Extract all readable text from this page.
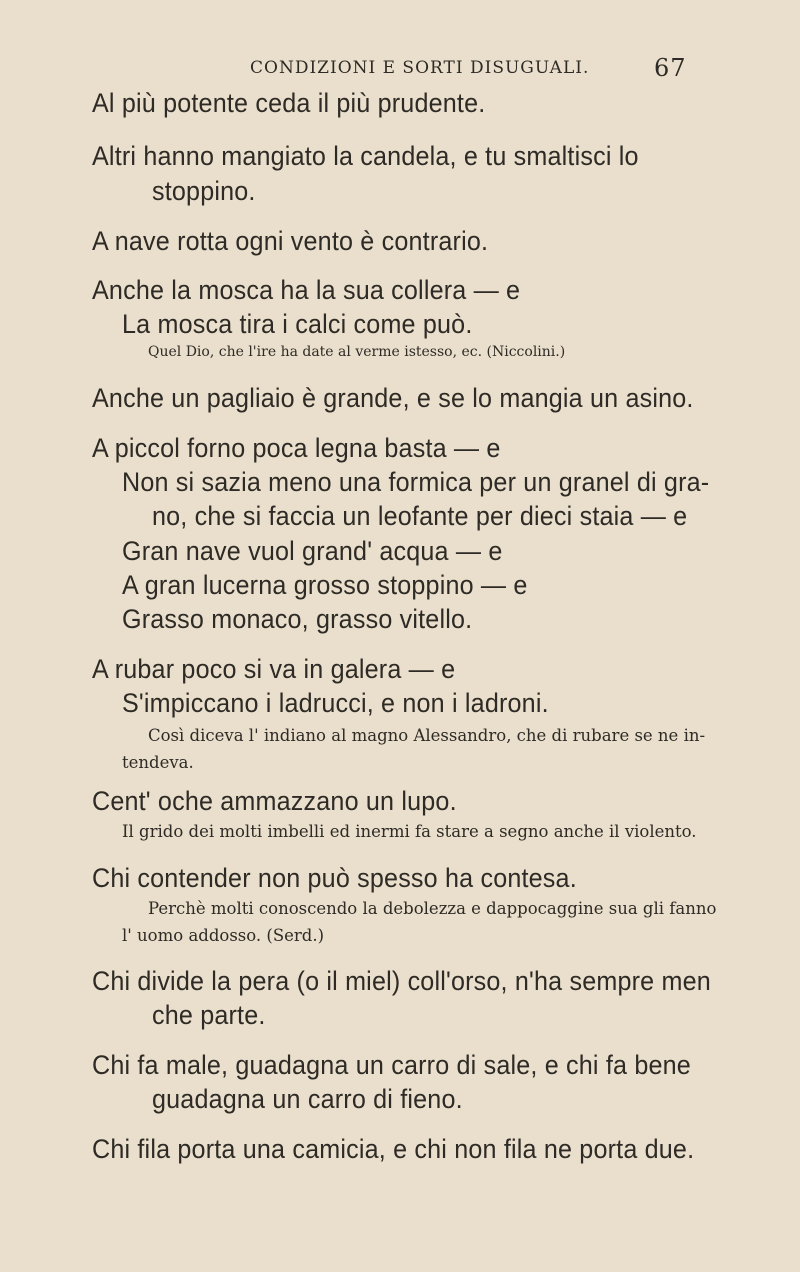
CONDIZIONI E SORTI DISUGUALI.	67
Al più potente ceda il più prudente.
Altri hanno mangiato la candela, e tu smaltisci lo
stoppino.
A nave rotta ogni vento è contrario.
Anche la mosca ha la sua collera — e
La mosca tira i calci come può.
Quel Dio, che l'ire ha date al verme istesso, ec. (Niccolini.)
Anche un pagliaio è grande, e se lo mangia un asino.
A piccol forno poca legna basta — e
Non si sazia meno una formica per un granel di gra-
no, che si faccia un leofante per dieci staia — e
Gran nave vuol grand' acqua — e
A gran lucerna grosso stoppino — e
Grasso monaco, grasso vitello.
A rubar poco si va in galera — e
S'impiccano i ladrucci, e non i ladroni.
Così diceva l' indiano al magno Alessandro, che di rubare se ne in-
tendeva.
Cent' oche ammazzano un lupo.
Il grido dei molti imbelli ed inermi fa stare a segno anche il violento.
Chi contender non può spesso ha contesa.
Perchè molti conoscendo la debolezza e dappocaggine sua gli fanno
l' uomo addosso. (Serd.)
Chi divide la pera (o il miel) coll'orso, n'ha sempre men
che parte.
Chi fa male, guadagna un carro di sale, e chi fa bene
guadagna un carro di fieno.
Chi fila porta una camicia, e chi non fila ne porta due.
